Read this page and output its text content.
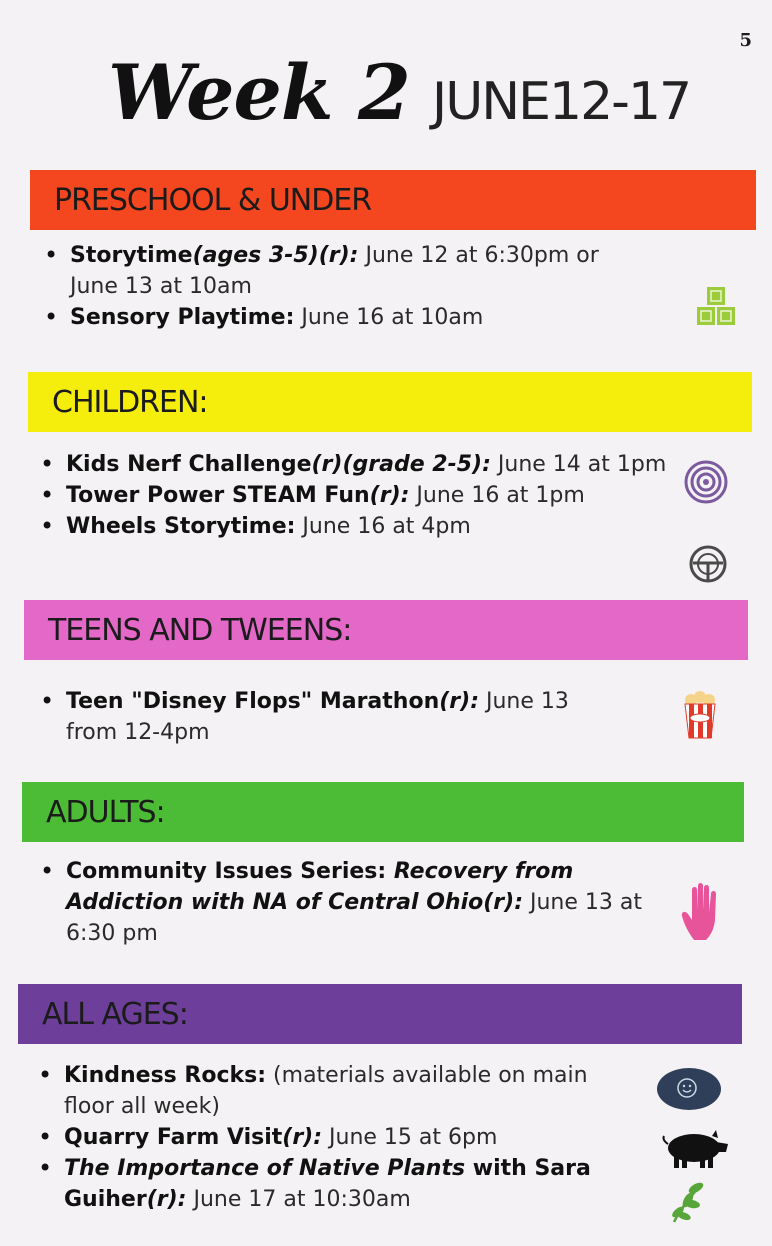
5
Week 2 JUNE12-17
PRESCHOOL & UNDER
• Storytime(ages 3-5)(r): June 12 at 6:30pm or June 13 at 10am
• Sensory Playtime: June 16 at 10am
CHILDREN:
• Kids Nerf Challenge(r)(grade 2-5): June 14 at 1pm
• Tower Power STEAM Fun(r): June 16 at 1pm
• Wheels Storytime: June 16 at 4pm
TEENS AND TWEENS:
• Teen "Disney Flops" Marathon(r): June 13 from 12-4pm
ADULTS:
• Community Issues Series: Recovery from Addiction with NA of Central Ohio(r): June 13 at 6:30 pm
ALL AGES:
• Kindness Rocks: (materials available on main floor all week)
• Quarry Farm Visit(r): June 15 at 6pm
• The Importance of Native Plants with Sara Guiher(r): June 17 at 10:30am
